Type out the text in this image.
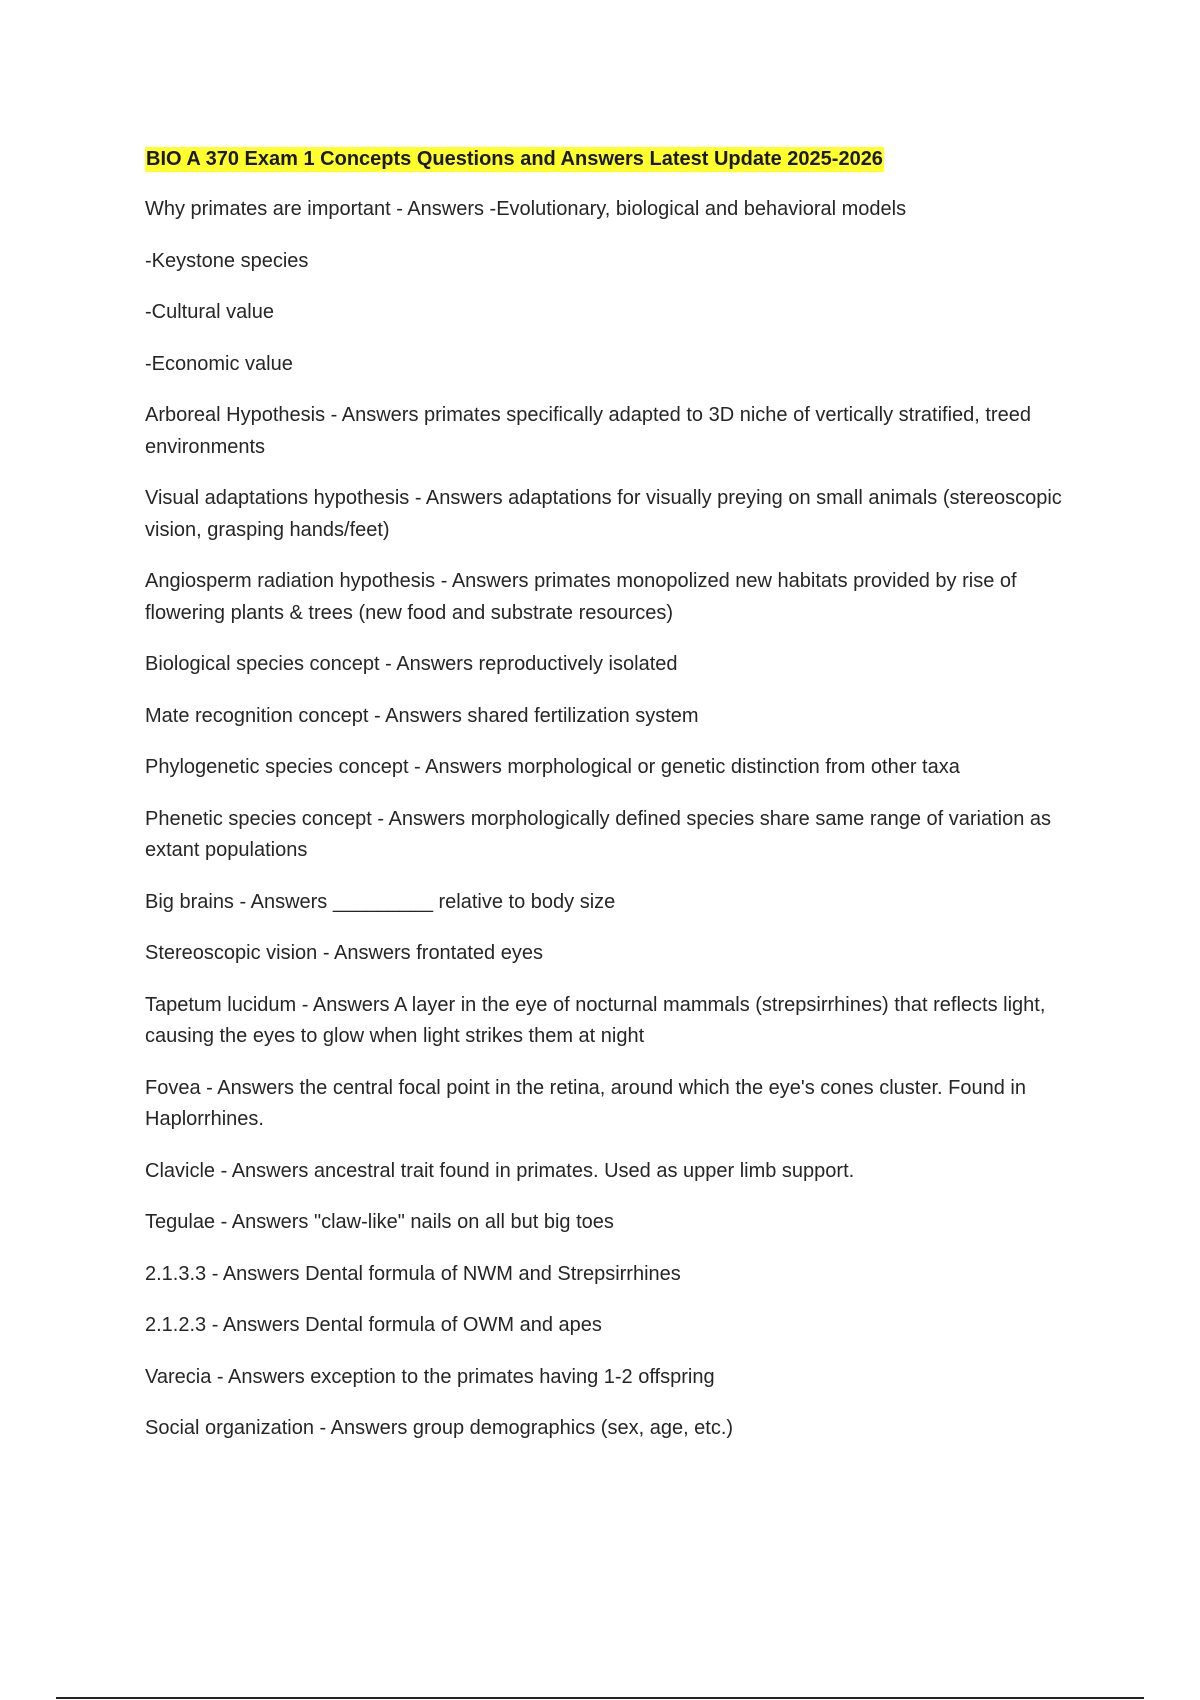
BIO A 370 Exam 1 Concepts Questions and Answers Latest Update 2025-2026

Why primates are important - Answers -Evolutionary, biological and behavioral models

-Keystone species

-Cultural value

-Economic value

Arboreal Hypothesis - Answers primates specifically adapted to 3D niche of vertically stratified, treed environments

Visual adaptations hypothesis - Answers adaptations for visually preying on small animals (stereoscopic vision, grasping hands/feet)

Angiosperm radiation hypothesis - Answers primates monopolized new habitats provided by rise of flowering plants & trees (new food and substrate resources)

Biological species concept - Answers reproductively isolated

Mate recognition concept - Answers shared fertilization system

Phylogenetic species concept - Answers morphological or genetic distinction from other taxa

Phenetic species concept - Answers morphologically defined species share same range of variation as extant populations

Big brains - Answers _________ relative to body size

Stereoscopic vision - Answers frontated eyes

Tapetum lucidum - Answers A layer in the eye of nocturnal mammals (strepsirrhines) that reflects light, causing the eyes to glow when light strikes them at night

Fovea - Answers the central focal point in the retina, around which the eye's cones cluster. Found in Haplorrhines.

Clavicle - Answers ancestral trait found in primates. Used as upper limb support.

Tegulae - Answers "claw-like" nails on all but big toes

2.1.3.3 - Answers Dental formula of NWM and Strepsirrhines

2.1.2.3 - Answers Dental formula of OWM and apes

Varecia - Answers exception to the primates having 1-2 offspring

Social organization - Answers group demographics (sex, age, etc.)
